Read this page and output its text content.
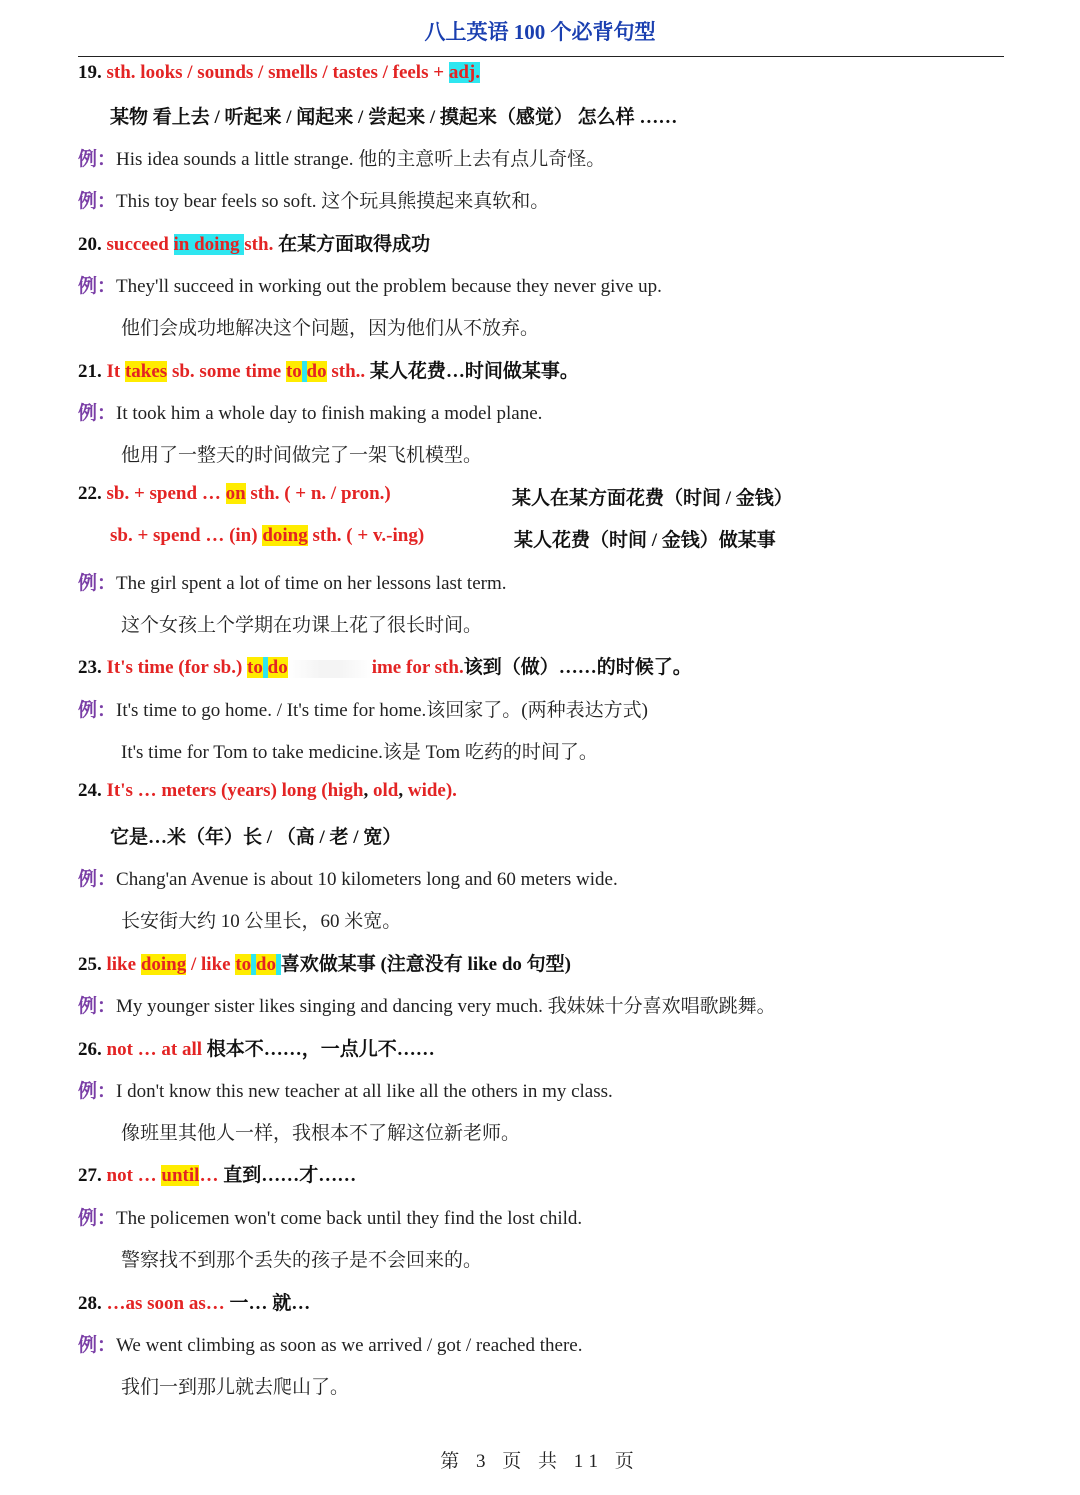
八上英语 100 个必背句型
19. sth. looks / sounds / smells / tastes / feels + adj.
某物 看上去 / 听起来 / 闻起来 / 尝起来 / 摸起来（感觉） 怎么样 ……
例：His idea sounds a little strange. 他的主意听上去有点儿奇怪。
例：This toy bear feels so soft. 这个玩具熊摸起来真软和。
20. succeed in doing sth. 在某方面取得成功
例：They'll succeed in working out the problem because they never give up.
他们会成功地解决这个问题，因为他们从不放弃。
21. It takes sb. some time to do sth.. 某人花费…时间做某事。
例：It took him a whole day to finish making a model plane.
他用了一整天的时间做完了一架飞机模型。
22. sb. + spend … on sth. ( + n. / pron.)	某人在某方面花费（时间 / 金钱）
sb. + spend … (in) doing sth. ( + v.-ing)	某人花费（时间 / 金钱）做某事
例：The girl spent a lot of time on her lessons last term.
这个女孩上个学期在功课上花了很长时间。
23. It's time (for sb.) to do	ime for sth.该到（做）……的时候了。
例：It's time to go home. / It's time for home.该回家了。(两种表达方式)
It's time for Tom to take medicine.该是 Tom 吃药的时间了。
24. It's … meters (years) long (high, old, wide).
它是…米（年）长 / （高 / 老 / 宽）
例：Chang'an Avenue is about 10 kilometers long and 60 meters wide.
长安街大约 10 公里长，60 米宽。
25. like doing / like to do 喜欢做某事 (注意没有 like do 句型)
例：My younger sister likes singing and dancing very much. 我妹妹十分喜欢唱歌跳舞。
26. not … at all 根本不……，一点儿不……
例：I don't know this new teacher at all like all the others in my class.
像班里其他人一样，我根本不了解这位新老师。
27. not … until… 直到……才……
例：The policemen won't come back until they find the lost child.
警察找不到那个丢失的孩子是不会回来的。
28. …as soon as… 一… 就…
例：We went climbing as soon as we arrived / got / reached there.
我们一到那儿就去爬山了。
第 3 页 共 11 页
